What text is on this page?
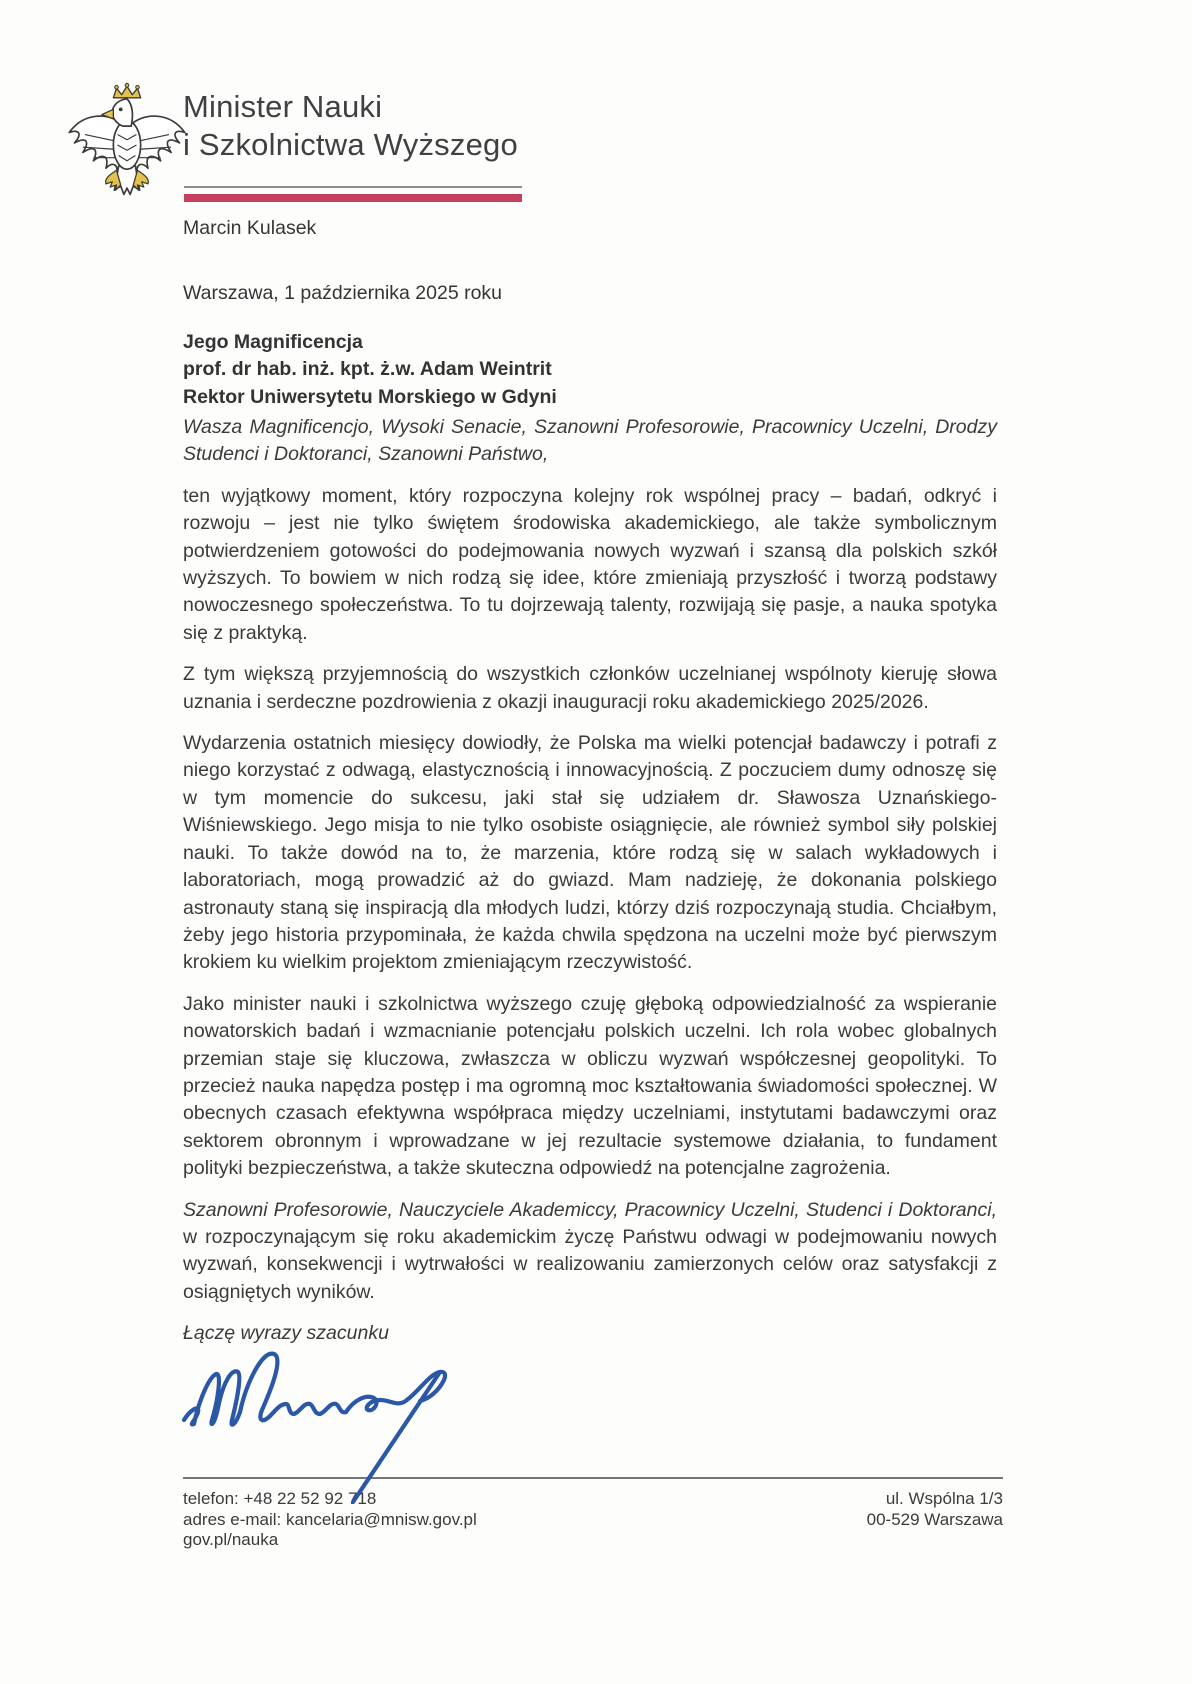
Minister Nauki
i Szkolnictwa Wyższego
Marcin Kulasek
Warszawa, 1 października 2025 roku
Jego Magnificencja
prof. dr hab. inż. kpt. ż.w. Adam Weintrit
Rektor Uniwersytetu Morskiego w Gdyni

Wasza Magnificencjo, Wysoki Senacie, Szanowni Profesorowie, Pracownicy Uczelni, Drodzy Studenci i Doktoranci, Szanowni Państwo,

ten wyjątkowy moment, który rozpoczyna kolejny rok wspólnej pracy – badań, odkryć i rozwoju – jest nie tylko świętem środowiska akademickiego, ale także symbolicznym potwierdzeniem gotowości do podejmowania nowych wyzwań i szansą dla polskich szkół wyższych. To bowiem w nich rodzą się idee, które zmieniają przyszłość i tworzą podstawy nowoczesnego społeczeństwa. To tu dojrzewają talenty, rozwijają się pasje, a nauka spotyka się z praktyką.

Z tym większą przyjemnością do wszystkich członków uczelnianej wspólnoty kieruję słowa uznania i serdeczne pozdrowienia z okazji inauguracji roku akademickiego 2025/2026.

Wydarzenia ostatnich miesięcy dowiodły, że Polska ma wielki potencjał badawczy i potrafi z niego korzystać z odwagą, elastycznością i innowacyjnością. Z poczuciem dumy odnoszę się w tym momencie do sukcesu, jaki stał się udziałem dr. Sławosza Uznańskiego-Wiśniewskiego. Jego misja to nie tylko osobiste osiągnięcie, ale również symbol siły polskiej nauki. To także dowód na to, że marzenia, które rodzą się w salach wykładowych i laboratoriach, mogą prowadzić aż do gwiazd. Mam nadzieję, że dokonania polskiego astronauty staną się inspiracją dla młodych ludzi, którzy dziś rozpoczynają studia. Chciałbym, żeby jego historia przypominała, że każda chwila spędzona na uczelni może być pierwszym krokiem ku wielkim projektom zmieniającym rzeczywistość.

Jako minister nauki i szkolnictwa wyższego czuję głęboką odpowiedzialność za wspieranie nowatorskich badań i wzmacnianie potencjału polskich uczelni. Ich rola wobec globalnych przemian staje się kluczowa, zwłaszcza w obliczu wyzwań współczesnej geopolityki. To przecież nauka napędza postęp i ma ogromną moc kształtowania świadomości społecznej. W obecnych czasach efektywna współpraca między uczelniami, instytutami badawczymi oraz sektorem obronnym i wprowadzane w jej rezultacie systemowe działania, to fundament polityki bezpieczeństwa, a także skuteczna odpowiedź na potencjalne zagrożenia.

Szanowni Profesorowie, Nauczyciele Akademiccy, Pracownicy Uczelni, Studenci i Doktoranci, w rozpoczynającym się roku akademickim życzę Państwu odwagi w podejmowaniu nowych wyzwań, konsekwencji i wytrwałości w realizowaniu zamierzonych celów oraz satysfakcji z osiągniętych wyników.

Łączę wyrazy szacunku

telefon: +48 22 52 92 718
adres e-mail: kancelaria@mnisw.gov.pl
gov.pl/nauka
ul. Wspólna 1/3
00-529 Warszawa
